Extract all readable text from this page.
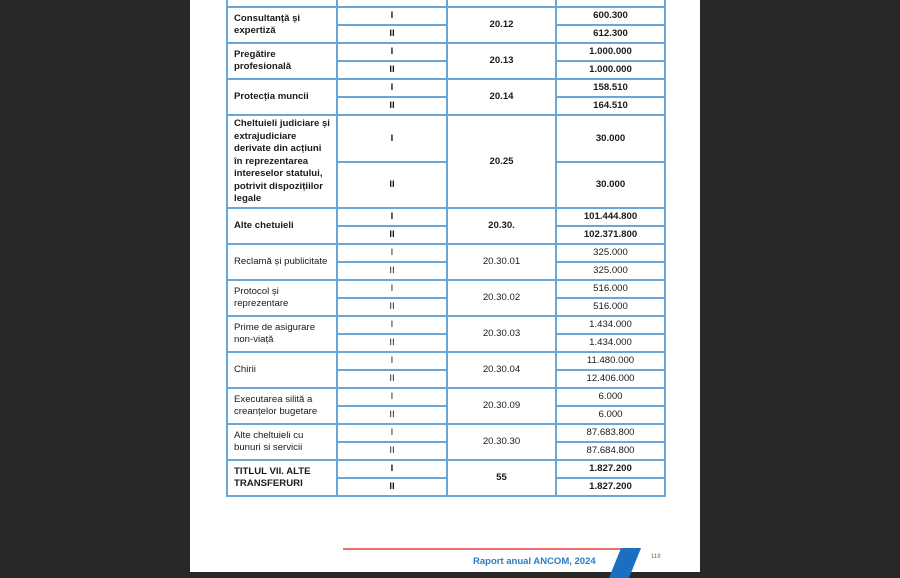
Consultanță și expertiză	I	20.12	600.300
	II		612.300
Pregătire profesională	I	20.13	1.000.000
	II		1.000.000
Protecția muncii	I	20.14	158.510
	II		164.510
Cheltuieli judiciare și extrajudiciare derivate din acțiuni în reprezentarea intereselor statului, potrivit dispozițiilor legale	I	20.25	30.000
	II		30.000
Alte chetuieli	I	20.30.	101.444.800
	II		102.371.800
Reclamă și publicitate	I	20.30.01	325.000
	II		325.000
Protocol și reprezentare	I	20.30.02	516.000
	II		516.000
Prime de asigurare non-viață	I	20.30.03	1.434.000
	II		1.434.000
Chirii	I	20.30.04	11.480.000
	II		12.406.000
Executarea silită a creanțelor bugetare	I	20.30.09	6.000
	II		6.000
Alte cheltuieli cu bunuri si servicii	I	20.30.30	87.683.800
	II		87.684.800
TITLUL VII. ALTE TRANSFERURI	I	55	1.827.200
	II		1.827.200
Raport anual ANCOM, 2024	119
